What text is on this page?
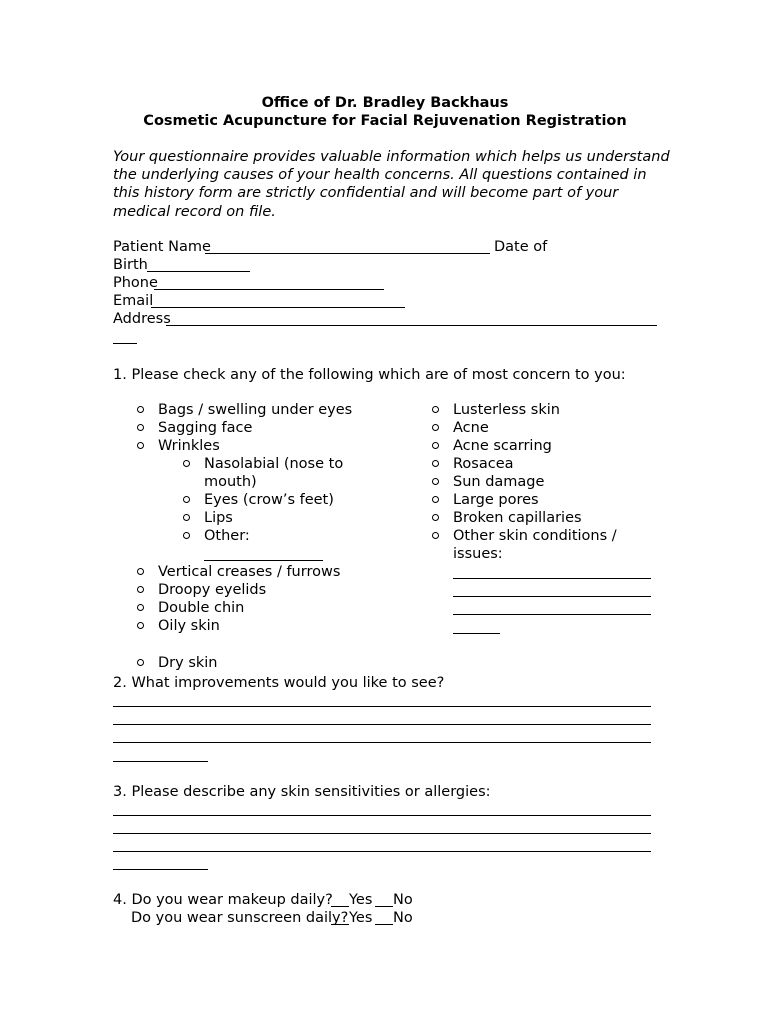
Office of Dr. Bradley Backhaus
Cosmetic Acupuncture for Facial Rejuvenation Registration
Your questionnaire provides valuable information which helps us understand the underlying causes of your health concerns. All questions contained in this history form are strictly confidential and will become part of your medical record on file.
Patient Name	Date of
Birth
Phone
Email
Address
1. Please check any of the following which are of most concern to you:
Bags / swelling under eyes
Sagging face
Wrinkles
Nasolabial (nose to
mouth)
Eyes (crow’s feet)
Lips
Other:
Vertical creases / furrows
Droopy eyelids
Double chin
Oily skin
Dry skin
Lusterless skin
Acne
Acne scarring
Rosacea
Sun damage
Large pores
Broken capillaries
Other skin conditions /
issues:
2. What improvements would you like to see?
3. Please describe any skin sensitivities or allergies:
4. Do you wear makeup daily? Yes No
Do you wear sunscreen daily? Yes No
